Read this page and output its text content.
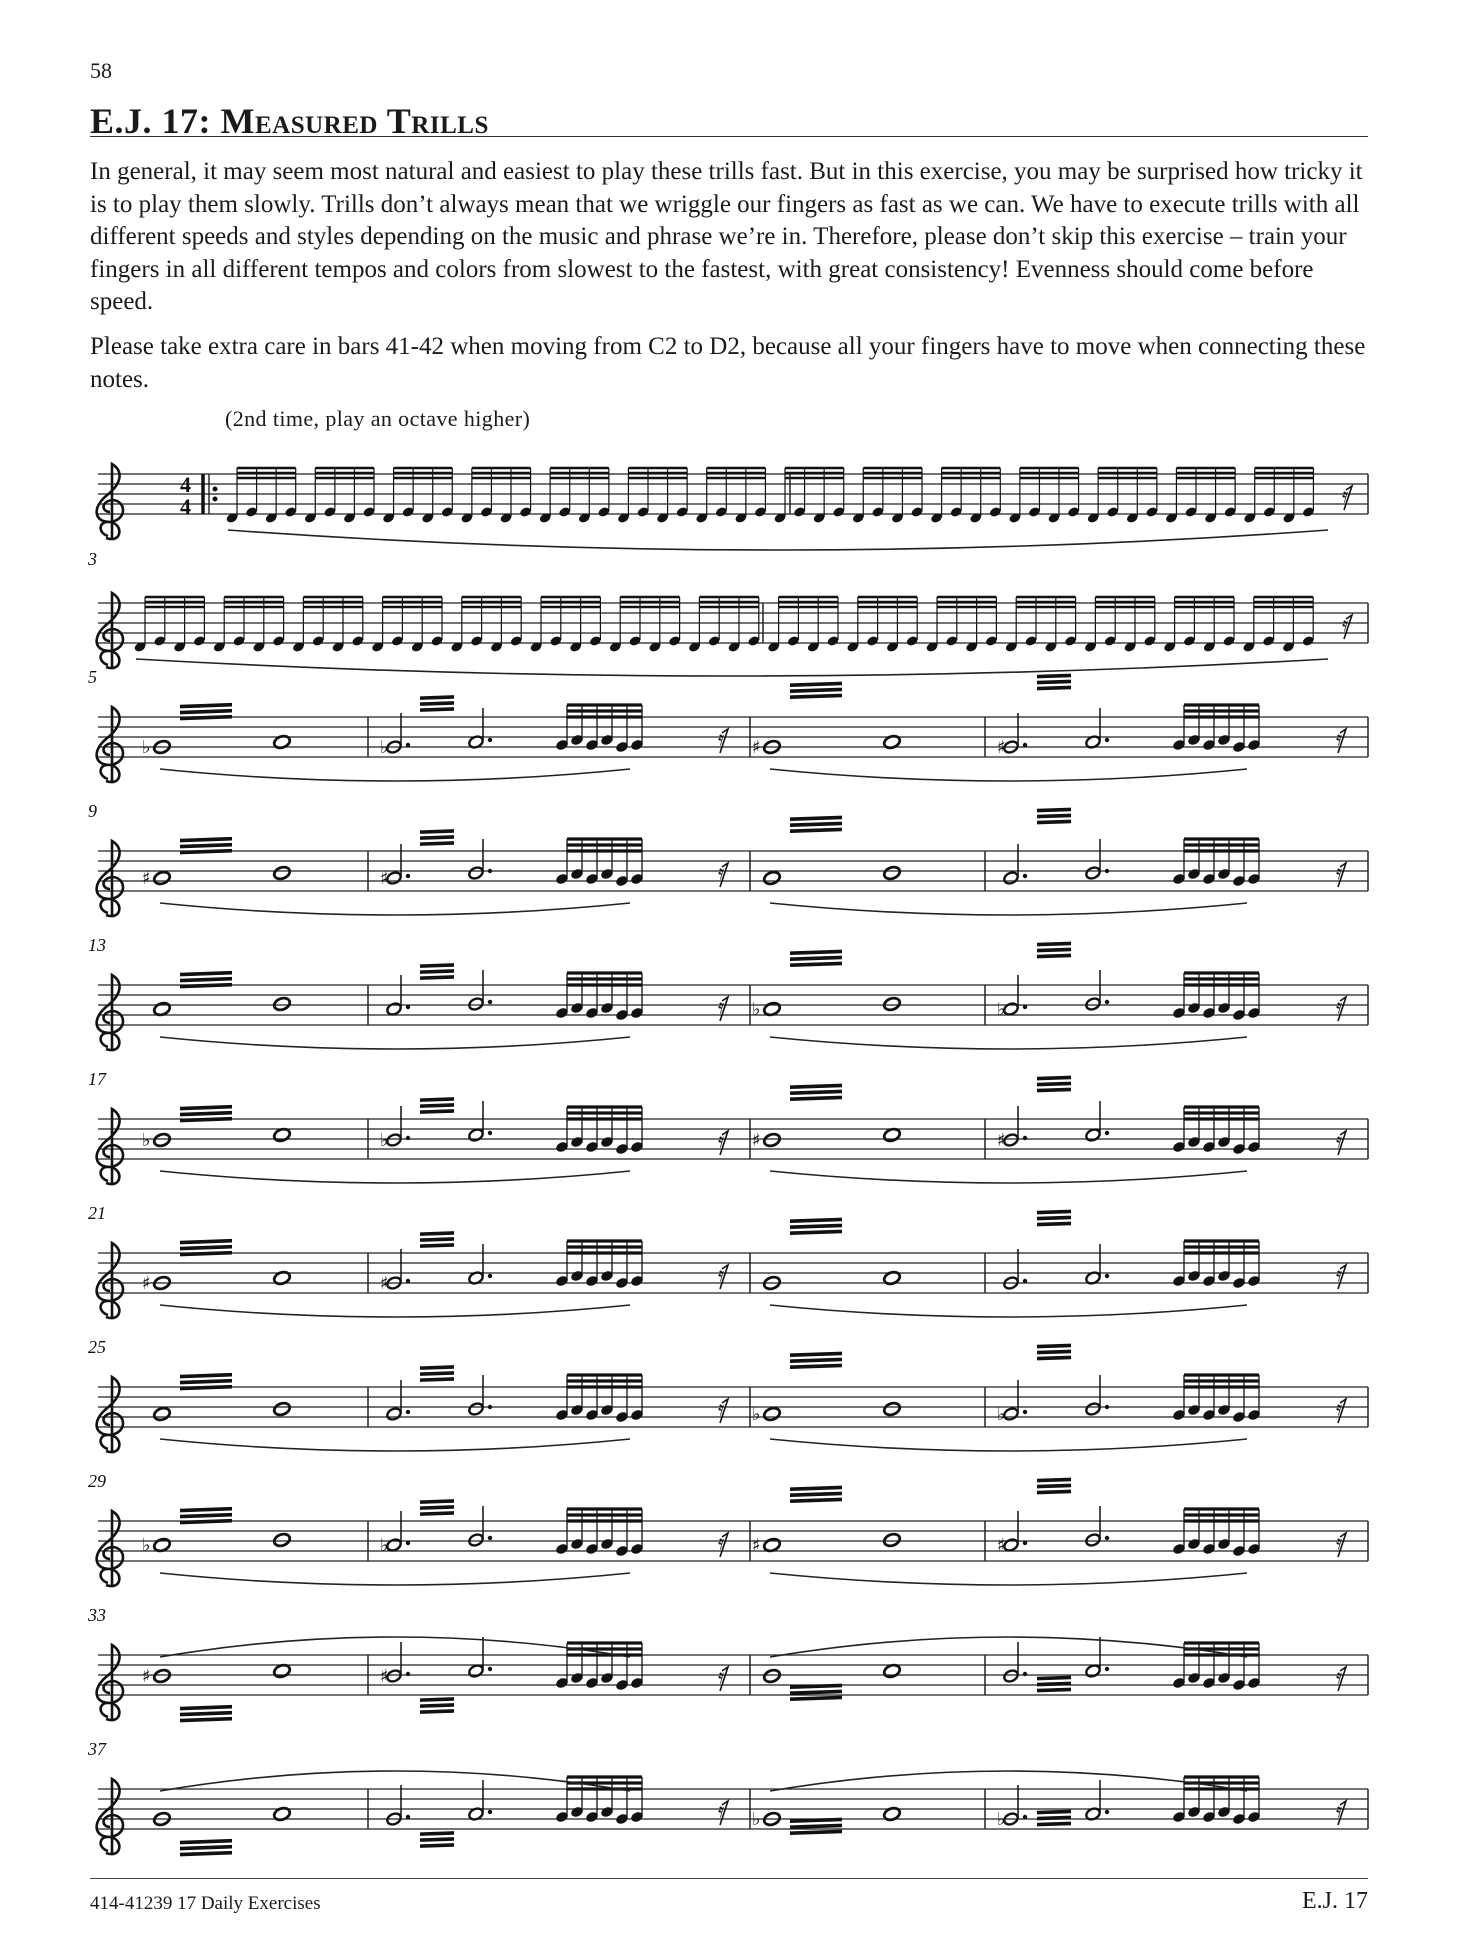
58
E.J. 17: Measured Trills

In general, it may seem most natural and easiest to play these trills fast. But in this exercise, you may be surprised how tricky it is to play them slowly. Trills don’t always mean that we wriggle our fingers as fast as we can. We have to execute trills with all different speeds and styles depending on the music and phrase we’re in. Therefore, please don’t skip this exercise – train your fingers in all different tempos and colors from slowest to the fastest, with great consistency! Evenness should come before speed.

Please take extra care in bars 41-42 when moving from C2 to D2, because all your fingers have to move when connecting these notes.

(2nd time, play an octave higher)
4
4	𝄿
3
𝄿
5
♭	♭	𝄿 ♯	♯	𝄿
9
♯	♯	𝄿	𝄿
13
𝄿 ♭	♭	𝄿
17
♭	♭	𝄿 ♯	♯	𝄿
21
♯	♯	𝄿	𝄿
25
𝄿 ♭	♭	𝄿
29
♭	♭	𝄿 ♯	♯	𝄿
33
♯	♯	𝄿	𝄿
37
𝄿 ♭	♭	𝄿
414-41239 17 Daily Exercises	E.J. 17
